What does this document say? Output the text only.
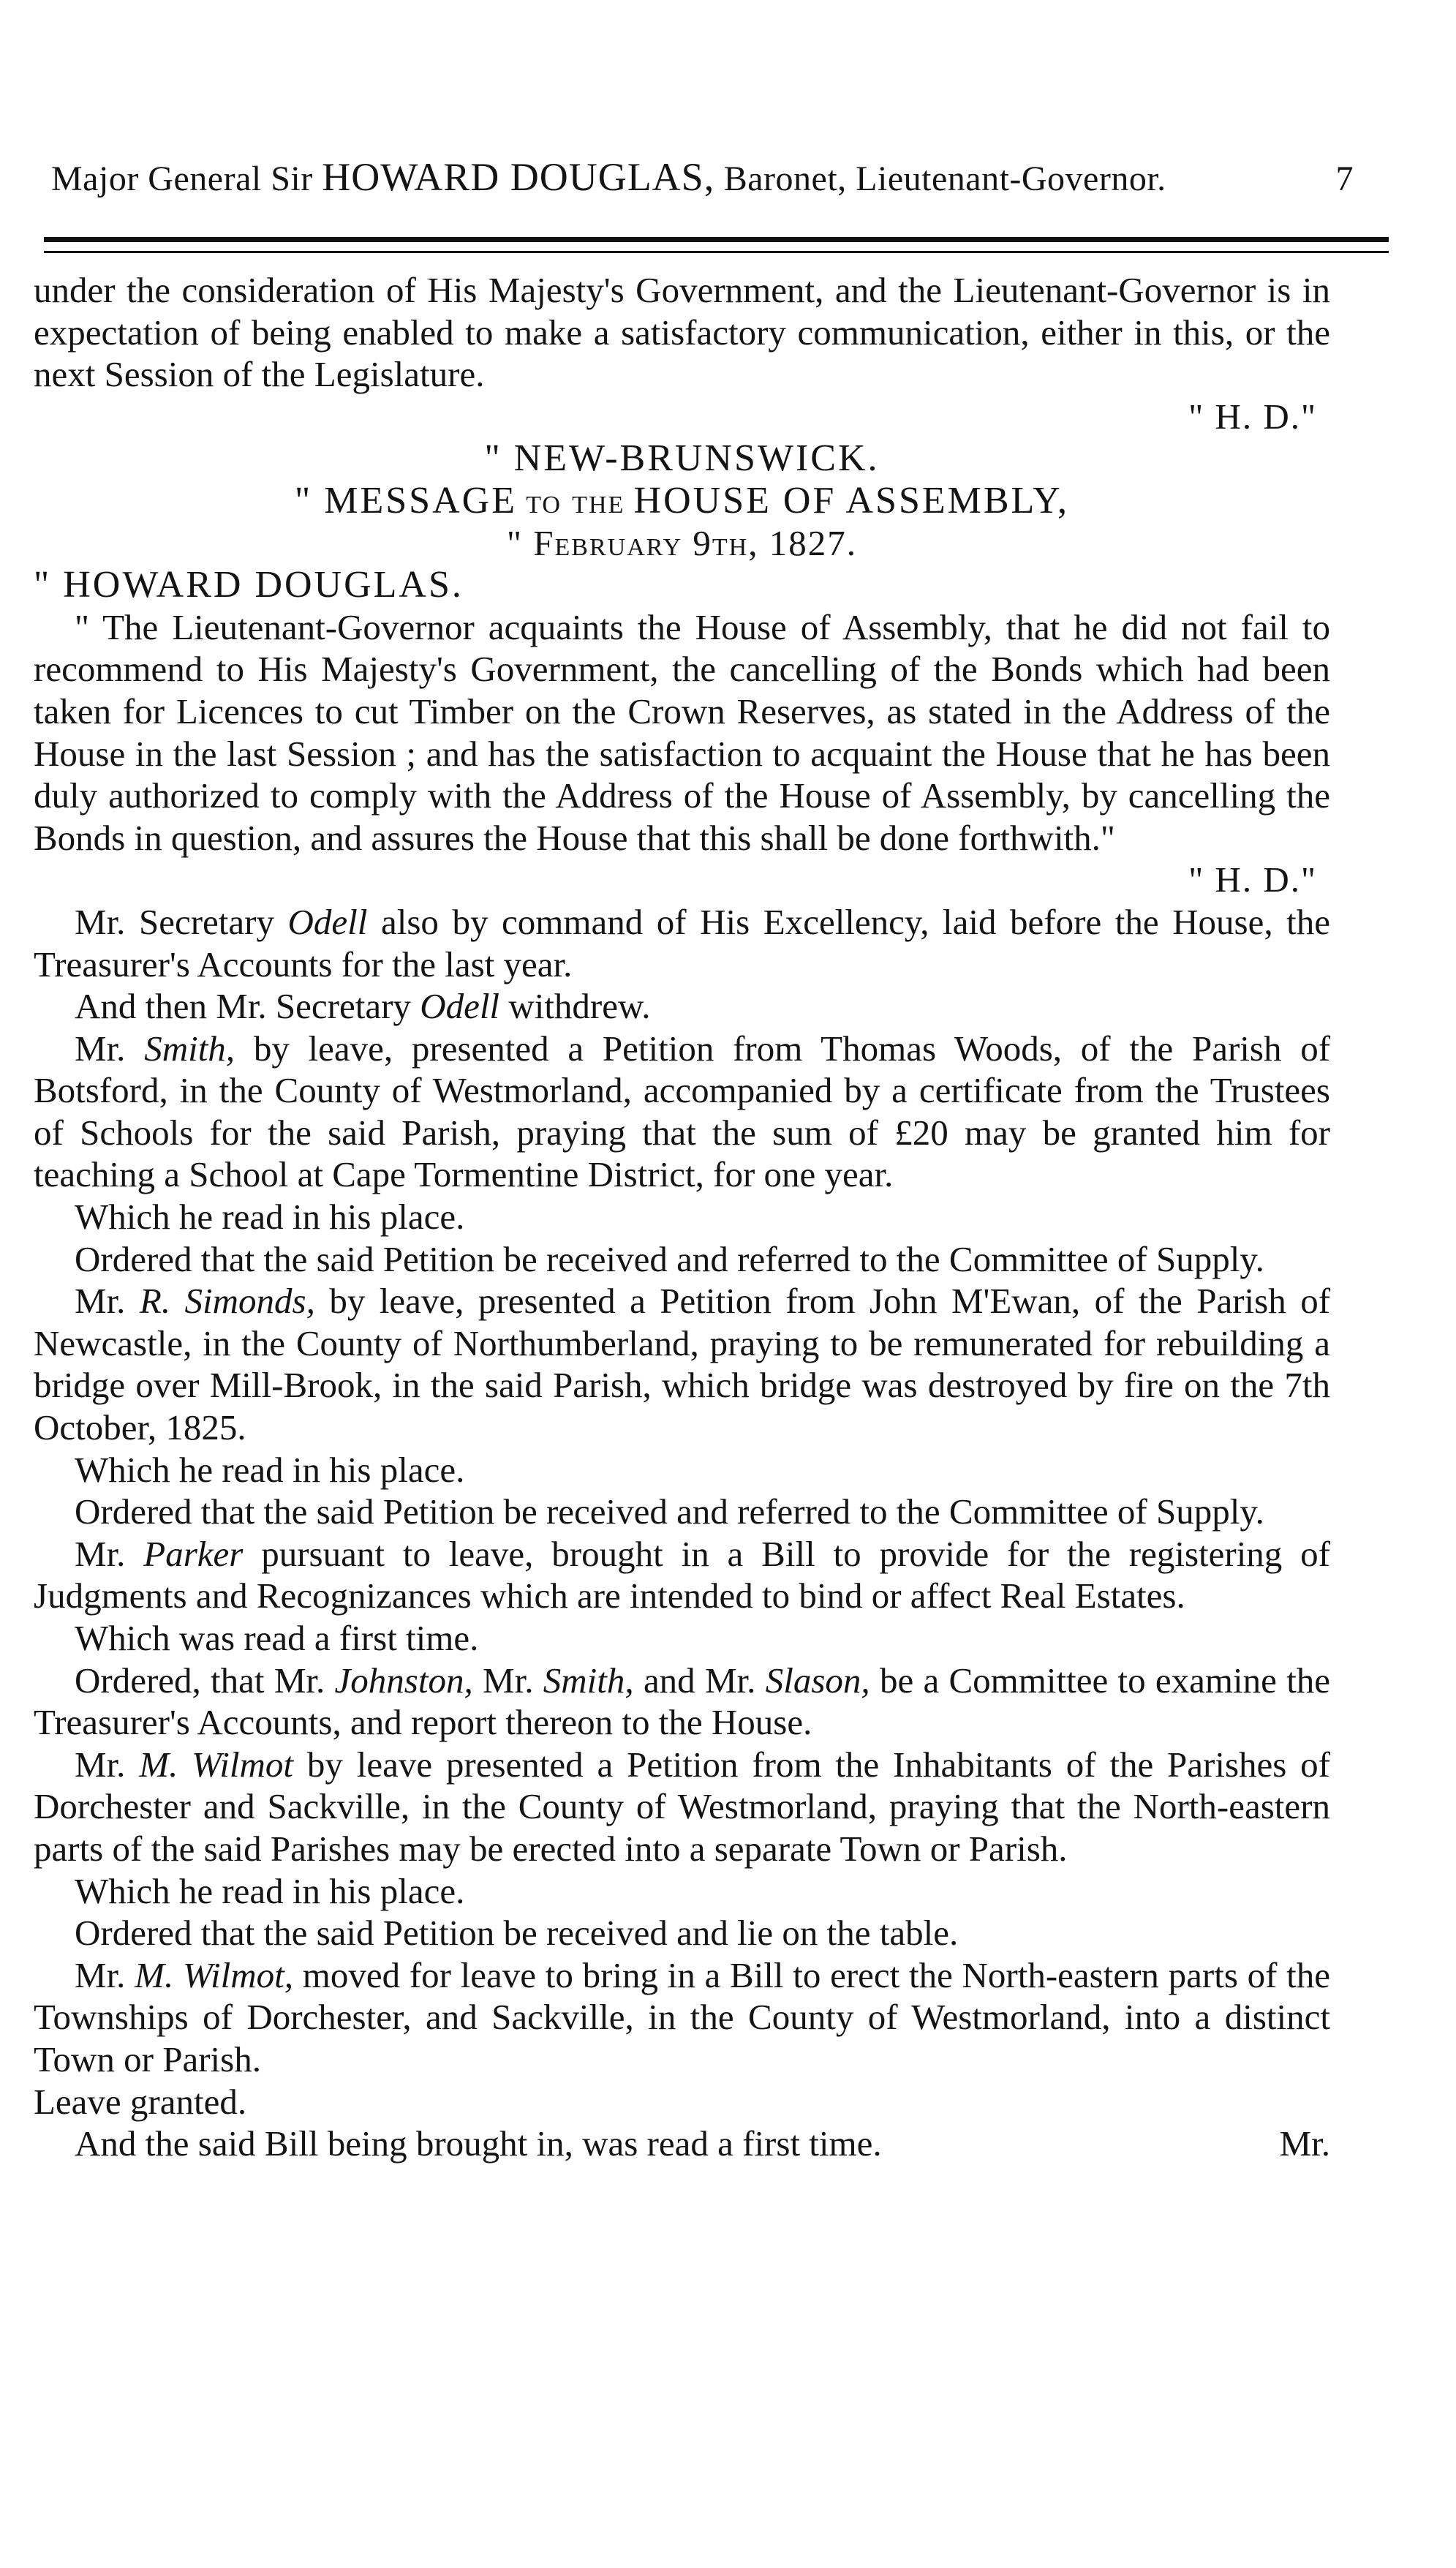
Major General Sir HOWARD DOUGLAS, Baronet, Lieutenant-Governor.	7

under the consideration of His Majesty's Government, and the Lieutenant-Governor is in expectation of being enabled to make a satisfactory communication, either in this, or the next Session of the Legislature.

" H. D."

" NEW-BRUNSWICK.

" MESSAGE to the HOUSE OF ASSEMBLY,

" February 9th, 1827.

" HOWARD DOUGLAS.

" The Lieutenant-Governor acquaints the House of Assembly, that he did not fail to recommend to His Majesty's Government, the cancelling of the Bonds which had been taken for Licences to cut Timber on the Crown Reserves, as stated in the Address of the House in the last Session ; and has the satisfaction to acquaint the House that he has been duly authorized to comply with the Address of the House of Assembly, by cancelling the Bonds in question, and assures the House that this shall be done forthwith."

" H. D."

Mr. Secretary Odell also by command of His Excellency, laid before the House, the Treasurer's Accounts for the last year.

And then Mr. Secretary Odell withdrew.

Mr. Smith, by leave, presented a Petition from Thomas Woods, of the Parish of Botsford, in the County of Westmorland, accompanied by a certificate from the Trustees of Schools for the said Parish, praying that the sum of £20 may be granted him for teaching a School at Cape Tormentine District, for one year.

Which he read in his place.

Ordered that the said Petition be received and referred to the Committee of Supply.

Mr. R. Simonds, by leave, presented a Petition from John M'Ewan, of the Parish of Newcastle, in the County of Northumberland, praying to be remunerated for rebuilding a bridge over Mill-Brook, in the said Parish, which bridge was destroyed by fire on the 7th October, 1825.

Which he read in his place.

Ordered that the said Petition be received and referred to the Committee of Supply.

Mr. Parker pursuant to leave, brought in a Bill to provide for the registering of Judgments and Recognizances which are intended to bind or affect Real Estates.

Which was read a first time.

Ordered, that Mr. Johnston, Mr. Smith, and Mr. Slason, be a Committee to examine the Treasurer's Accounts, and report thereon to the House.

Mr. M. Wilmot by leave presented a Petition from the Inhabitants of the Parishes of Dorchester and Sackville, in the County of Westmorland, praying that the North-eastern parts of the said Parishes may be erected into a separate Town or Parish.

Which he read in his place.

Ordered that the said Petition be received and lie on the table.

Mr. M. Wilmot, moved for leave to bring in a Bill to erect the North-eastern parts of the Townships of Dorchester, and Sackville, in the County of Westmorland, into a distinct Town or Parish.

Leave granted.

And the said Bill being brought in, was read a first time.	Mr.
